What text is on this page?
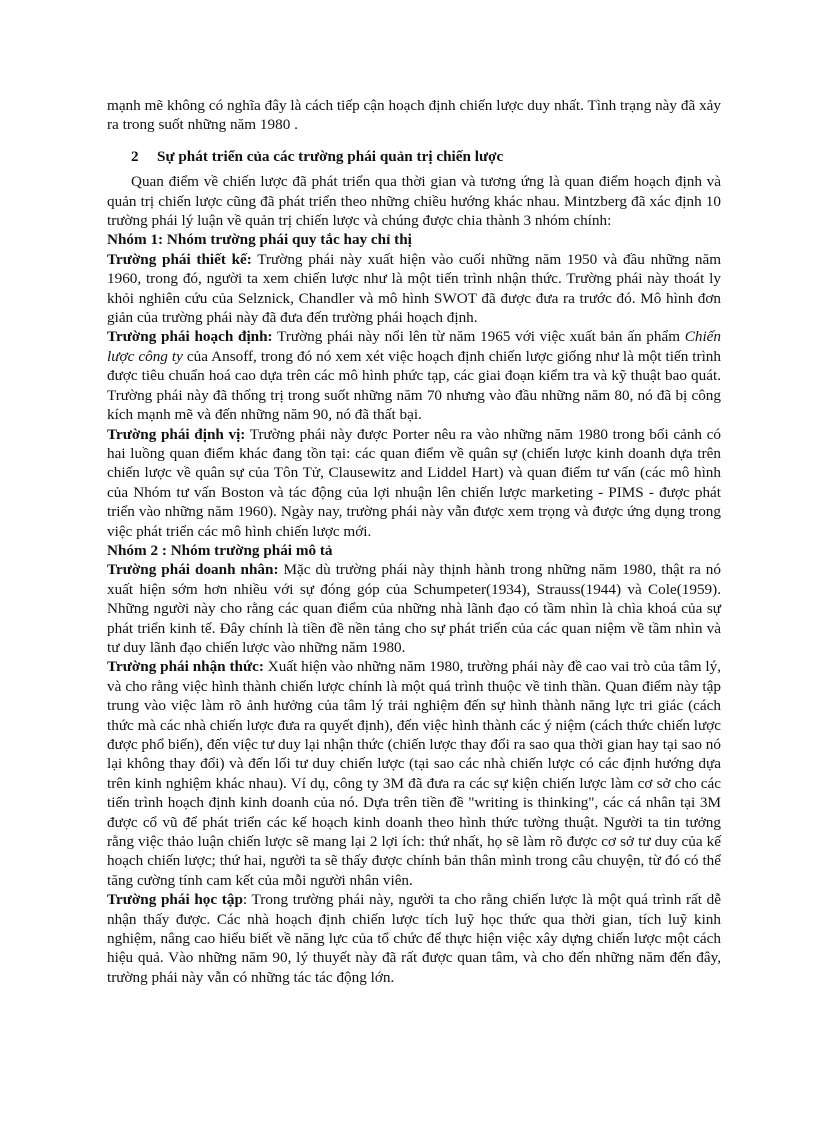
mạnh mẽ không có nghĩa đây là cách tiếp cận hoạch định chiến lược duy nhất. Tình trạng này đã xảy ra trong suốt những năm 1980 .

2 Sự phát triển của các trường phái quản trị chiến lược

Quan điểm về chiến lược đã phát triển qua thời gian và tương ứng là quan điểm hoạch định và quản trị chiến lược cũng đã phát triển theo những chiều hướng khác nhau. Mintzberg đã xác định 10 trường phái lý luận về quản trị chiến lược và chúng được chia thành 3 nhóm chính:

Nhóm 1: Nhóm trường phái quy tắc hay chỉ thị

Trường phái thiết kế: Trường phái này xuất hiện vào cuối những năm 1950 và đầu những năm 1960, trong đó, người ta xem chiến lược như là một tiến trình nhận thức. Trường phái này thoát ly khỏi nghiên cứu của Selznick, Chandler và mô hình SWOT đã được đưa ra trước đó. Mô hình đơn giản của trường phái này đã đưa đến trường phái hoạch định.

Trường phái hoạch định: Trường phái này nổi lên từ năm 1965 với việc xuất bản ấn phẩm Chiến lược công ty của Ansoff, trong đó nó xem xét việc hoạch định chiến lược giống như là một tiến trình được tiêu chuẩn hoá cao dựa trên các mô hình phức tạp, các giai đoạn kiểm tra và kỹ thuật bao quát. Trường phái này đã thống trị trong suốt những năm 70 nhưng vào đầu những năm 80, nó đã bị công kích mạnh mẽ và đến những năm 90, nó đã thất bại.

Trường phái định vị: Trường phái này được Porter nêu ra vào những năm 1980 trong bối cảnh có hai luồng quan điểm khác đang tồn tại: các quan điểm về quân sự (chiến lược kinh doanh dựa trên chiến lược về quân sự của Tôn Tử, Clausewitz and Liddel Hart) và quan điểm tư vấn (các mô hình của Nhóm tư vấn Boston và tác động của lợi nhuận lên chiến lược marketing - PIMS - được phát triển vào những năm 1960). Ngày nay, trường phái này vẫn được xem trọng và được ứng dụng trong việc phát triển các mô hình chiến lược mới.

Nhóm 2 : Nhóm trường phái mô tả

Trường phái doanh nhân: Mặc dù trường phái này thịnh hành trong những năm 1980, thật ra nó xuất hiện sớm hơn nhiều với sự đóng góp của Schumpeter(1934), Strauss(1944) và Cole(1959). Những người này cho rằng các quan điểm của những nhà lãnh đạo có tầm nhìn là chìa khoá của sự phát triển kinh tế. Đây chính là tiền đề nền tảng cho sự phát triển của các quan niệm về tầm nhìn và tư duy lãnh đạo chiến lược vào những năm 1980.

Trường phái nhận thức: Xuất hiện vào những năm 1980, trường phái này đề cao vai trò của tâm lý, và cho rằng việc hình thành chiến lược chính là một quá trình thuộc về tinh thần. Quan điểm này tập trung vào việc làm rõ ảnh hưởng của tâm lý trải nghiệm đến sự hình thành năng lực tri giác (cách thức mà các nhà chiến lược đưa ra quyết định), đến việc hình thành các ý niệm (cách thức chiến lược được phổ biến), đến việc tư duy lại nhận thức (chiến lược thay đổi ra sao qua thời gian hay tại sao nó lại không thay đổi) và đến lối tư duy chiến lược (tại sao các nhà chiến lược có các định hướng dựa trên kinh nghiệm khác nhau). Ví dụ, công ty 3M đã đưa ra các sự kiện chiến lược làm cơ sở cho các tiến trình hoạch định kinh doanh của nó. Dựa trên tiền đề "writing is thinking", các cá nhân tại 3M được cổ vũ để phát triển các kế hoạch kinh doanh theo hình thức tường thuật. Người ta tin tưởng rằng việc thảo luận chiến lược sẽ mang lại 2 lợi ích: thứ nhất, họ sẽ làm rõ được cơ sở tư duy của kế hoạch chiến lược; thứ hai, người ta sẽ thấy được chính bản thân mình trong câu chuyện, từ đó có thể tăng cường tính cam kết của mỗi người nhân viên.

Trường phái học tập: Trong trường phái này, người ta cho rằng chiến lược là một quá trình rất dễ nhận thấy được. Các nhà hoạch định chiến lược tích luỹ học thức qua thời gian, tích luỹ kinh nghiệm, nâng cao hiểu biết về năng lực của tổ chức để thực hiện việc xây dựng chiến lược một cách hiệu quả. Vào những năm 90, lý thuyết này đã rất được quan tâm, và cho đến những năm đến đây, trường phái này vẫn có những tác tác động lớn.
